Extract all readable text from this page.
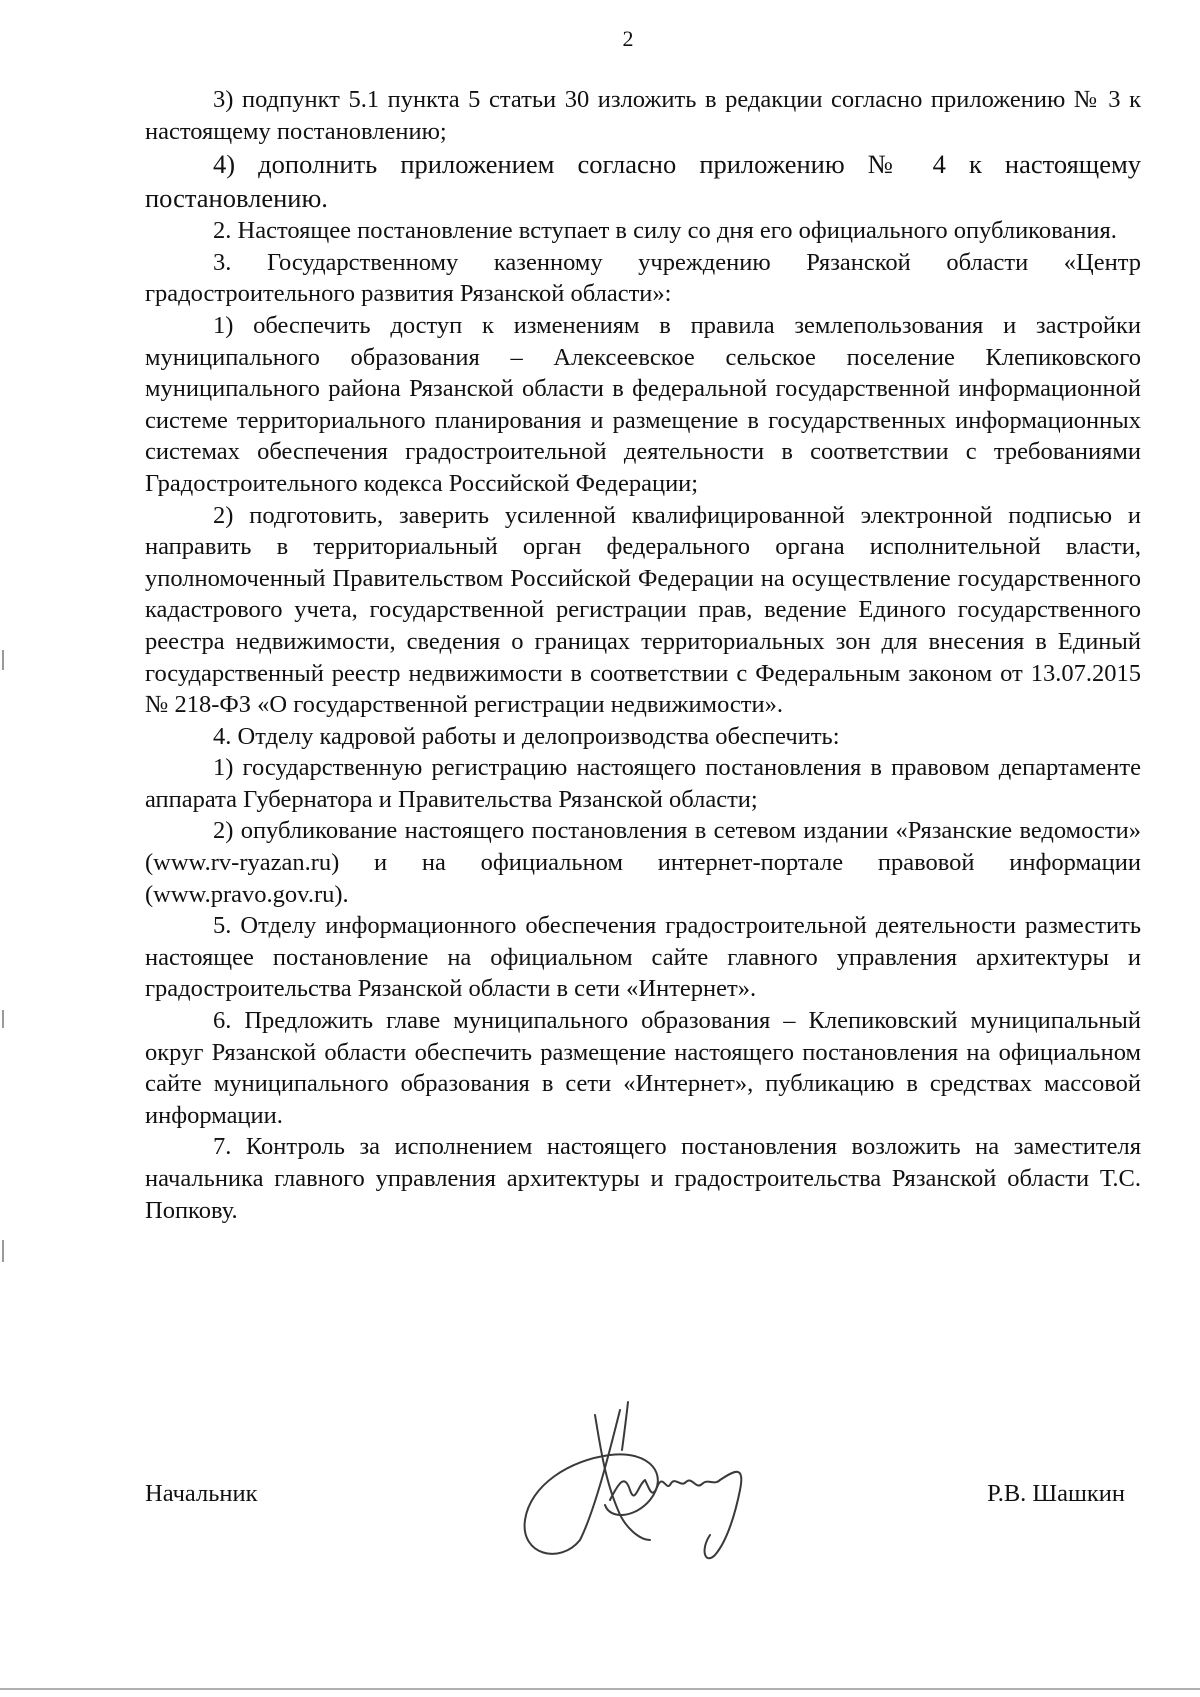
2

3) подпункт 5.1 пункта 5 статьи 30 изложить в редакции согласно приложению № 3 к настоящему постановлению;

4) дополнить приложением согласно приложению № 4 к настоящему постановлению.

2. Настоящее постановление вступает в силу со дня его официального опубликования.

3. Государственному казенному учреждению Рязанской области «Центр градостроительного развития Рязанской области»:

1) обеспечить доступ к изменениям в правила землепользования и застройки муниципального образования – Алексеевское сельское поселение Клепиковского муниципального района Рязанской области в федеральной государственной информационной системе территориального планирования и размещение в государственных информационных системах обеспечения градостроительной деятельности в соответствии с требованиями Градостроительного кодекса Российской Федерации;

2) подготовить, заверить усиленной квалифицированной электронной подписью и направить в территориальный орган федерального органа исполнительной власти, уполномоченный Правительством Российской Федерации на осуществление государственного кадастрового учета, государственной регистрации прав, ведение Единого государственного реестра недвижимости, сведения о границах территориальных зон для внесения в Единый государственный реестр недвижимости в соответствии с Федеральным законом от 13.07.2015 № 218-ФЗ «О государственной регистрации недвижимости».

4. Отделу кадровой работы и делопроизводства обеспечить:

1) государственную регистрацию настоящего постановления в правовом департаменте аппарата Губернатора и Правительства Рязанской области;

2) опубликование настоящего постановления в сетевом издании «Рязанские ведомости» (www.rv-ryazan.ru) и на официальном интернет-портале правовой информации (www.pravo.gov.ru).

5. Отделу информационного обеспечения градостроительной деятельности разместить настоящее постановление на официальном сайте главного управления архитектуры и градостроительства Рязанской области в сети «Интернет».

6. Предложить главе муниципального образования – Клепиковский муниципальный округ Рязанской области обеспечить размещение настоящего постановления на официальном сайте муниципального образования в сети «Интернет», публикацию в средствах массовой информации.

7. Контроль за исполнением настоящего постановления возложить на заместителя начальника главного управления архитектуры и градостроительства Рязанской области Т.С. Попкову.

Начальник	Р.В. Шашкин
